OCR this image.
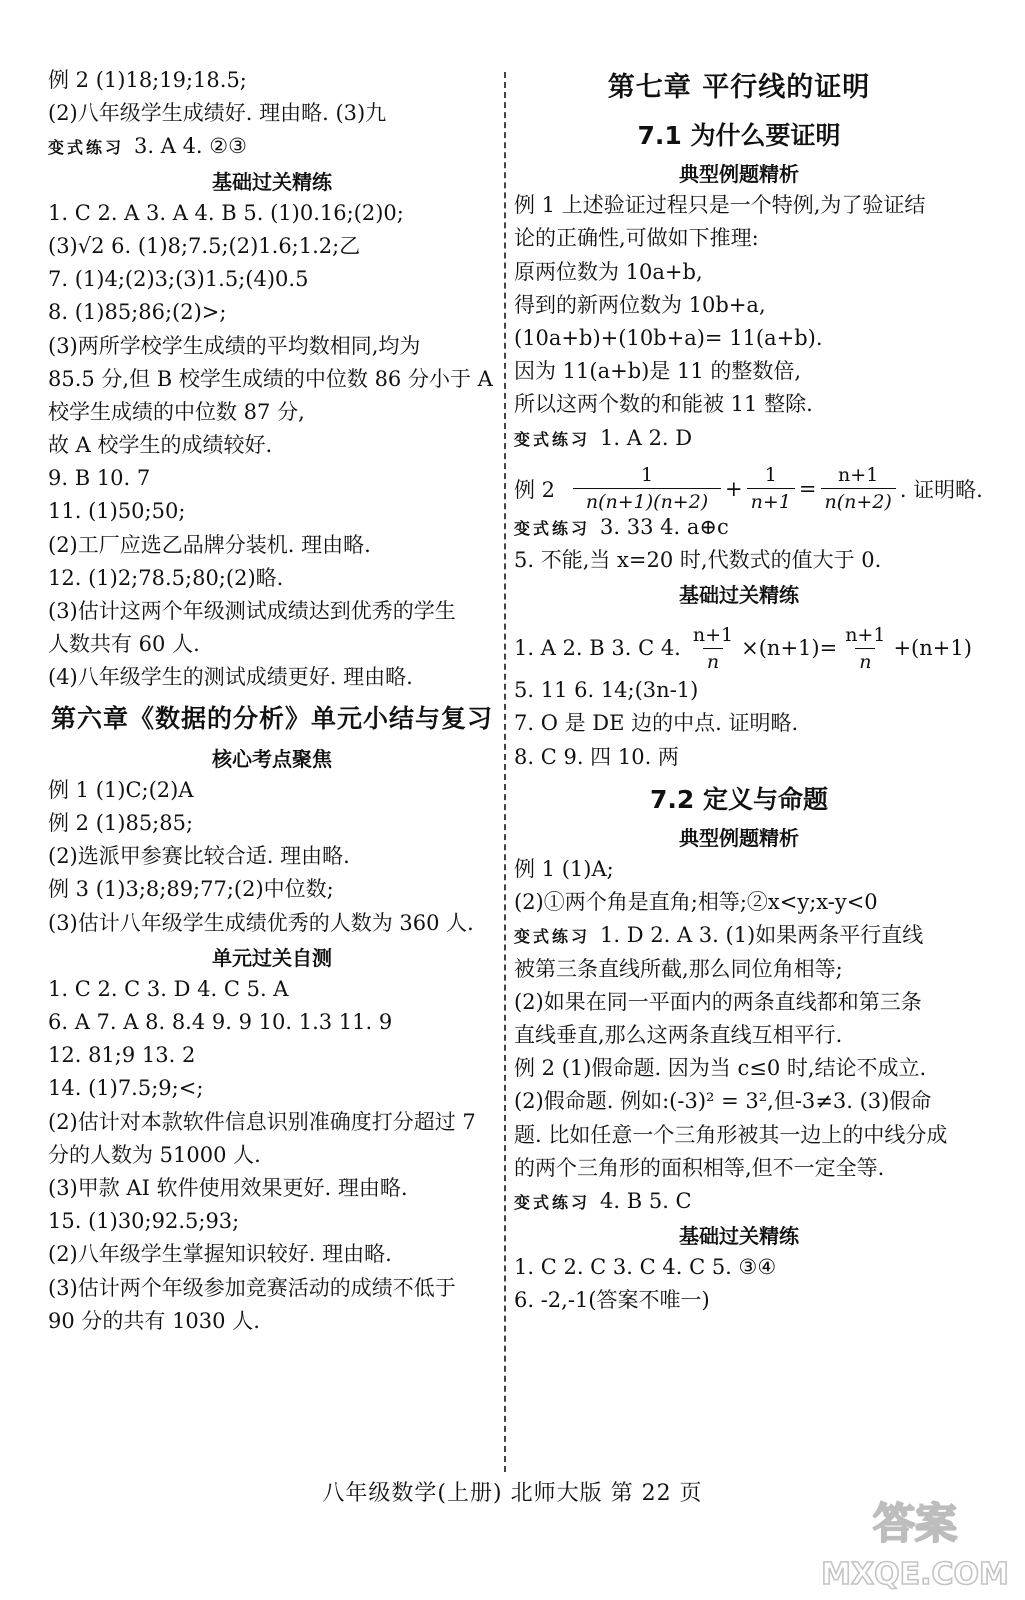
例 2 (1)18;19;18.5;
(2)八年级学生成绩好. 理由略. (3)九
变式练习 3. A 4. ②③
基础过关精练
1. C 2. A 3. A 4. B 5. (1)0.16;(2)0;
(3)√2 6. (1)8;7.5;(2)1.6;1.2;乙
7. (1)4;(2)3;(3)1.5;(4)0.5
8. (1)85;86;(2)>;
(3)两所学校学生成绩的平均数相同,均为
85.5 分,但 B 校学生成绩的中位数 86 分小于 A
校学生成绩的中位数 87 分,
故 A 校学生的成绩较好.
9. B 10. 7
11. (1)50;50;
(2)工厂应选乙品牌分装机. 理由略.
12. (1)2;78.5;80;(2)略.
(3)估计这两个年级测试成绩达到优秀的学生
人数共有 60 人.
(4)八年级学生的测试成绩更好. 理由略.
第六章《数据的分析》单元小结与复习
核心考点聚焦
例 1 (1)C;(2)A
例 2 (1)85;85;
(2)选派甲参赛比较合适. 理由略.
例 3 (1)3;8;89;77;(2)中位数;
(3)估计八年级学生成绩优秀的人数为 360 人.
单元过关自测
1. C 2. C 3. D 4. C 5. A
6. A 7. A 8. 8.4 9. 9 10. 1.3 11. 9
12. 81;9 13. 2
14. (1)7.5;9;<;
(2)估计对本款软件信息识别准确度打分超过 7
分的人数为 51000 人.
(3)甲款 AI 软件使用效果更好. 理由略.
15. (1)30;92.5;93;
(2)八年级学生掌握知识较好. 理由略.
(3)估计两个年级参加竞赛活动的成绩不低于
90 分的共有 1030 人.
第七章 平行线的证明
7.1 为什么要证明
典型例题精析
例 1 上述验证过程只是一个特例,为了验证结
论的正确性,可做如下推理:
原两位数为 10a+b,
得到的新两位数为 10b+a,
(10a+b)+(10b+a)= 11(a+b).
因为 11(a+b)是 11 的整数倍,
所以这两个数的和能被 11 整除.
变式练习 1. A 2. D
例 $2 \frac{1}{n(n+1)(n+2)} + \frac{1}{n+1} = \frac{n+1}{n(n+2)}$ . 证明略.
变式练习 3. 33 4. a⊕c
5. 不能,当 x=20 时,代数式的值大于 0.
基础过关精练
1. A 2. B 3. C 4. $\frac{n+1}{n} \times(n+1)= \frac{n+1}{n} +(n+1)$
5. 11 6. 14;(3n-1)
7. O 是 DE 边的中点. 证明略.
8. C 9. 四 10. 两
7.2 定义与命题
典型例题精析
例 1 (1)A;
(2)①两个角是直角;相等;②x<y;x-y<0
变式练习 1. D 2. A 3. (1)如果两条平行直线
被第三条直线所截,那么同位角相等;
(2)如果在同一平面内的两条直线都和第三条
直线垂直,那么这两条直线互相平行.
例 2 (1)假命题. 因为当 c≤0 时,结论不成立.
(2)假命题. 例如:(-3)² = 3²,但-3≠3. (3)假命
题. 比如任意一个三角形被其一边上的中线分成
的两个三角形的面积相等,但不一定全等.
变式练习 4. B 5. C
基础过关精练
1. C 2. C 3. C 4. C 5. ③④
6. -2,-1(答案不唯一)
八年级数学(上册) 北师大版 第 22 页
答案
MXQE.COM
